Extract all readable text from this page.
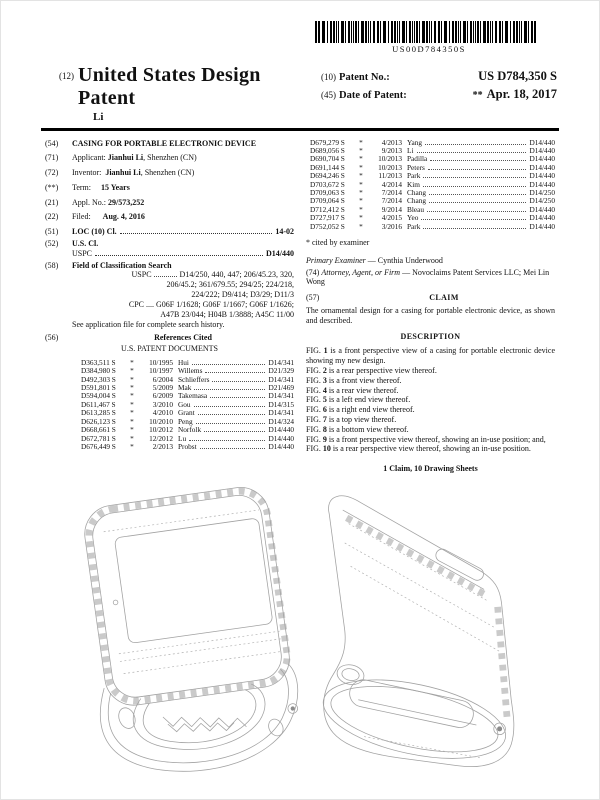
US00D784350S
(12) United States Design Patent
Li
(10) Patent No.:	US D784,350 S
(45) Date of Patent:	** Apr. 18, 2017
(54)	CASING FOR PORTABLE ELECTRONIC DEVICE
(71)	Applicant: Jianhui Li, Shenzhen (CN)
(72)	Inventor: Jianhui Li, Shenzhen (CN)
(**)	Term: 15 Years
(21)	Appl. No.: 29/573,252
(22)	Filed: Aug. 4, 2016
(51)	LOC (10) Cl.	14-02
(52)	U.S. Cl.
USPC	D14/440
(58)	Field of Classification Search
USPC ............ D14/250, 440, 447; 206/45.23, 320,
206/45.2; 361/679.55; 294/25; 224/218,
224/222; D9/414; D3/29; D11/3
CPC .... G06F 1/1628; G06F 1/1667; G06F 1/1626;
A47B 23/044; H04B 1/3888; A45C 11/00
See application file for complete search history.
(56)	References Cited
U.S. PATENT DOCUMENTS
D363,511 S	*	10/1995 Hui	D14/341
D384,980 S	*	10/1997 Willems	D21/329
D492,303 S	*	6/2004 Schlieffers	D14/341
D591,801 S	*	5/2009 Mak	D21/469
D594,004 S	*	6/2009 Takemasa	D14/341
D611,467 S	*	3/2010 Gou	D14/315
D613,285 S	*	4/2010 Grant	D14/341
D626,123 S	*	10/2010 Peng	D14/324
D668,661 S	*	10/2012 Norfolk	D14/440
D672,781 S	*	12/2012 Lu	D14/440
D676,449 S	*	2/2013 Probst	D14/440
D679,279 S	*	4/2013 Yang	D14/440
D689,056 S	*	9/2013 Li	D14/440
D690,704 S	*	10/2013 Padilla	D14/440
D691,144 S	*	10/2013 Peters	D14/440
D694,246 S	*	11/2013 Park	D14/440
D703,672 S	*	4/2014 Kim	D14/440
D709,063 S	*	7/2014 Chang	D14/250
D709,064 S	*	7/2014 Chang	D14/250
D712,412 S	*	9/2014 Bleau	D14/440
D727,917 S	*	4/2015 Yeo	D14/440
D752,052 S	*	3/2016 Park	D14/440
* cited by examiner
Primary Examiner — Cynthia Underwood
(74) Attorney, Agent, or Firm — Novoclaims Patent Services LLC; Mei Lin Wong
(57)	CLAIM
The ornamental design for a casing for portable electronic device, as shown and described.
DESCRIPTION
FIG. 1 is a front perspective view of a casing for portable electronic device showing my new design.
FIG. 2 is a rear perspective view thereof.
FIG. 3 is a front view thereof.
FIG. 4 is a rear view thereof.
FIG. 5 is a left end view thereof.
FIG. 6 is a right end view thereof.
FIG. 7 is a top view thereof.
FIG. 8 is a bottom view thereof.
FIG. 9 is a front perspective view thereof, showing an in-use position; and,
FIG. 10 is a rear perspective view thereof, showing an in-use position.
1 Claim, 10 Drawing Sheets
